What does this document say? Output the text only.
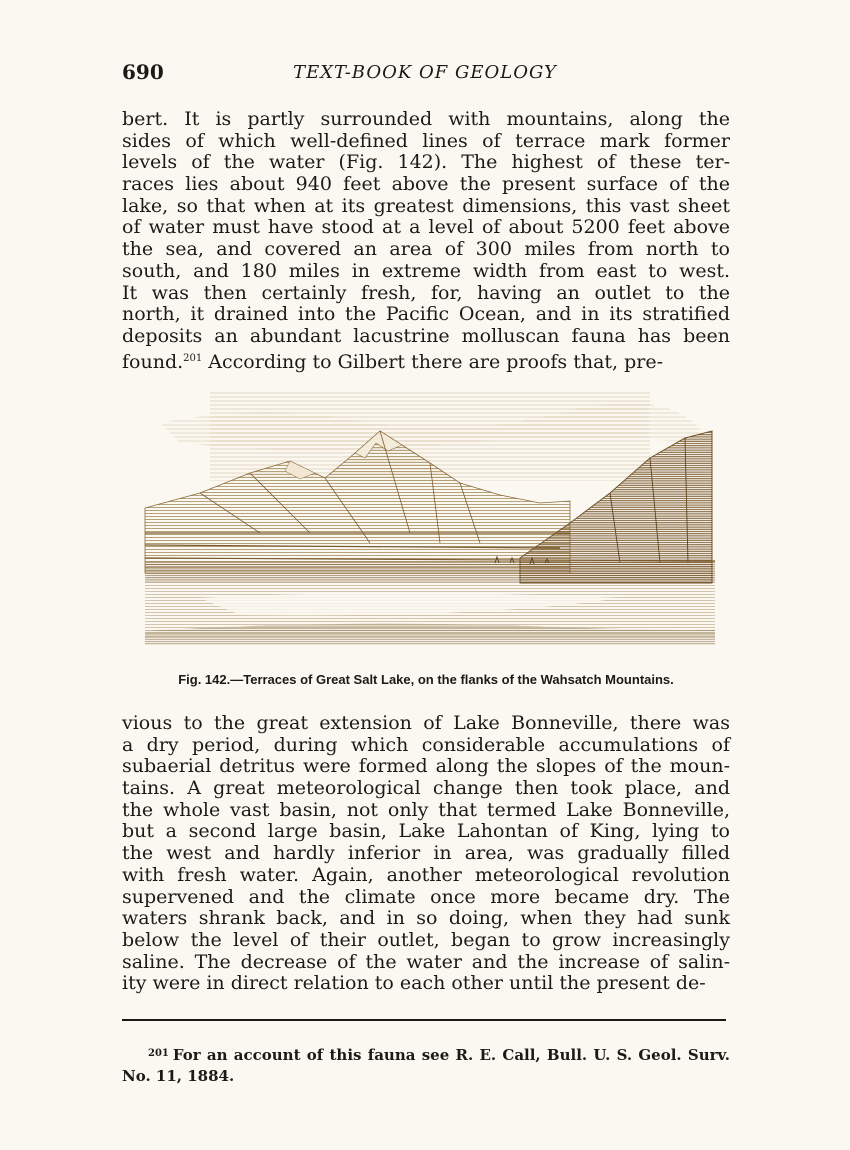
690	TEXT-BOOK OF GEOLOGY
bert. It is partly surrounded with mountains, along the
sides of which well-defined lines of terrace mark former
levels of the water (Fig. 142). The highest of these ter-
races lies about 940 feet above the present surface of the
lake, so that when at its greatest dimensions, this vast sheet
of water must have stood at a level of about 5200 feet above
the sea, and covered an area of 300 miles from north to
south, and 180 miles in extreme width from east to west.
It was then certainly fresh, for, having an outlet to the
north, it drained into the Pacific Ocean, and in its stratified
deposits an abundant lacustrine molluscan fauna has been
found.$^{201}$ According to Gilbert there are proofs that, pre-
Fig. 142.—Terraces of Great Salt Lake, on the flanks of the Wahsatch Mountains.
vious to the great extension of Lake Bonneville, there was
a dry period, during which considerable accumulations of
subaerial detritus were formed along the slopes of the moun-
tains. A great meteorological change then took place, and
the whole vast basin, not only that termed Lake Bonneville,
but a second large basin, Lake Lahontan of King, lying to
the west and hardly inferior in area, was gradually filled
with fresh water. Again, another meteorological revolution
supervened and the climate once more became dry. The
waters shrank back, and in so doing, when they had sunk
below the level of their outlet, began to grow increasingly
saline. The decrease of the water and the increase of salin-
ity were in direct relation to each other until the present de-
$^{201}$ For an account of this fauna see R. E. Call, Bull. U. S. Geol. Surv.
No. 11, 1884.
